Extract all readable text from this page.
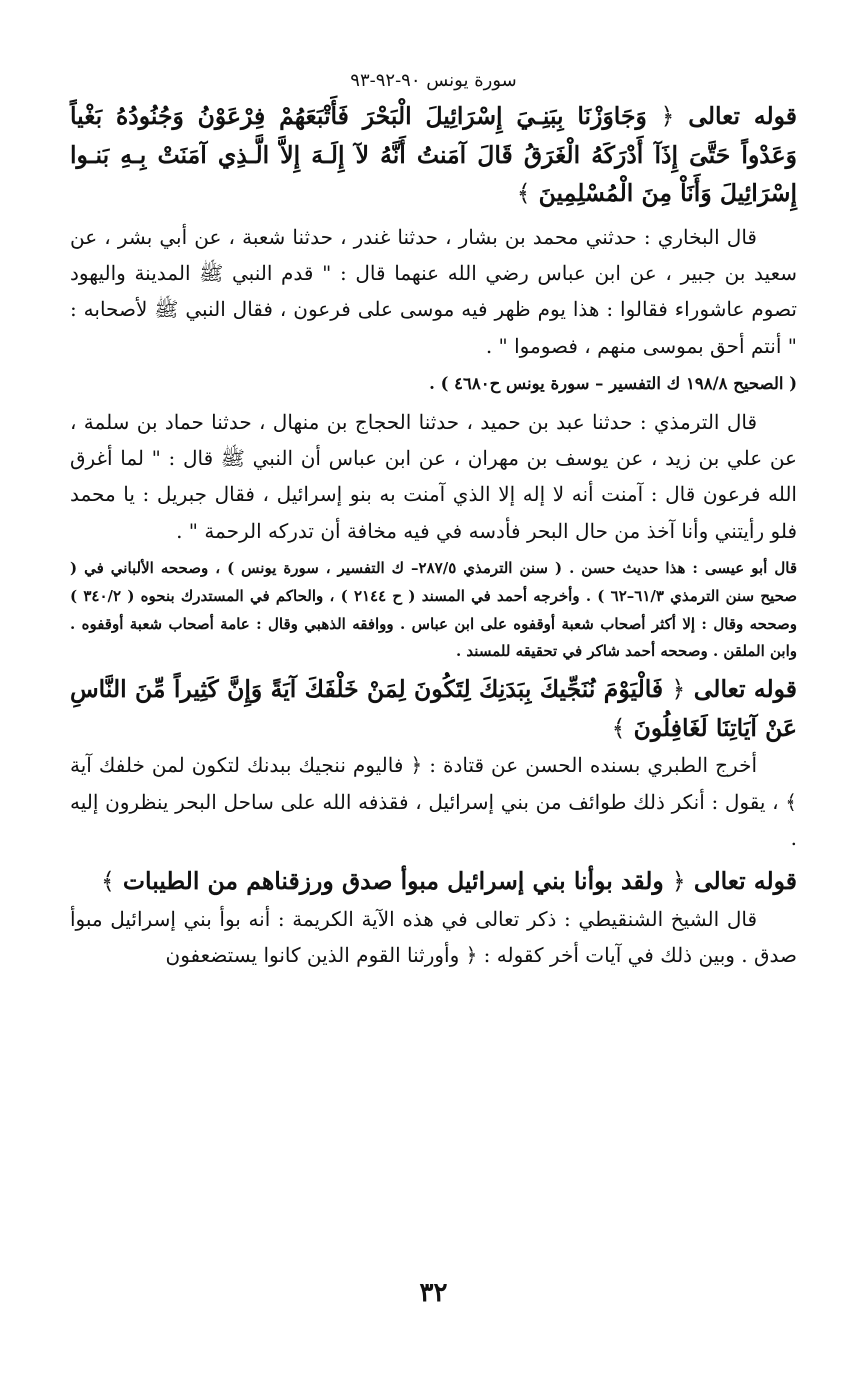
سورة يونس ٩٠-٩٢-٩٣

قوله تعالى ﴿ وَجَاوَزْنَا بِبَنِـيَ إِسْرَائِيلَ الْبَحْرَ فَأَتْبَعَهُمْ فِرْعَوْنُ وَجُنُودُهُ بَغْياً وَعَدْواً حَتَّىَ إِذَآ أَدْرَكَهُ الْغَرَقُ قَالَ آمَنتُ أَنَّهُ لآ إِلَـهَ إِلاَّ الَّـذِي آمَنَتْ بِـهِ بَنـوا إِسْرَائِيلَ وَأَنَاْ مِنَ الْمُسْلِمِينَ ﴾

قال البخاري : حدثني محمد بن بشار ، حدثنا غندر ، حدثنا شعبة ، عن أبي بشر ، عن سعيد بن جبير ، عن ابن عباس رضي الله عنهما قال : " قدم النبي ﷺ المدينة واليهود تصوم عاشوراء فقالوا : هذا يوم ظهر فيه موسى على فرعون ، فقال النبي ﷺ لأصحابه : " أنتم أحق بموسى منهم ، فصوموا " .

( الصحيح ١٩٨/٨ ك التفسير – سورة يونس ح٤٦٨٠ ) .

قال الترمذي : حدثنا عبد بن حميد ، حدثنا الحجاج بن منهال ، حدثنا حماد بن سلمة ، عن علي بن زيد ، عن يوسف بن مهران ، عن ابن عباس أن النبي ﷺ قال : " لما أغرق الله فرعون قال : آمنت أنه لا إله إلا الذي آمنت به بنو إسرائيل ، فقال جبريل : يا محمد فلو رأيتني وأنا آخذ من حال البحر فأدسه في فيه مخافة أن تدركه الرحمة " .

قال أبو عيسى : هذا حديث حسن . ( سنن الترمذي ٢٨٧/٥– ك التفسير ، سورة يونس ) ، وصححه الألباني في ( صحيح سنن الترمذي ٦١/٣–٦٢ ) . وأخرجه أحمد في المسند ( ح ٢١٤٤ ) ، والحاكم في المستدرك بنحوه ( ٣٤٠/٢ ) وصححه وقال : إلا أكثر أصحاب شعبة أوقفوه على ابن عباس . ووافقه الذهبي وقال : عامة أصحاب شعبة أوقفوه . وابن الملقن . وصححه أحمد شاكر في تحقيقه للمسند .

قوله تعالى ﴿ فَالْيَوْمَ نُنَجِّيكَ بِبَدَنِكَ لِتَكُونَ لِمَنْ خَلْفَكَ آيَةً وَإِنَّ كَثِيراً مِّنَ النَّاسِ عَنْ آيَاتِنَا لَغَافِلُونَ ﴾

أخرج الطبري بسنده الحسن عن قتادة : ﴿ فاليوم ننجيك ببدنك لتكون لمن خلفك آية ﴾ ، يقول : أنكر ذلك طوائف من بني إسرائيل ، فقذفه الله على ساحل البحر ينظرون إليه .

قوله تعالى ﴿ ولقد بوأنا بني إسرائيل مبوأ صدق ورزقناهم من الطيبات ﴾

قال الشيخ الشنقيطي : ذكر تعالى في هذه الآية الكريمة : أنه بوأ بني إسرائيل مبوأ صدق . وبين ذلك في آيات أخر كقوله : ﴿ وأورثنا القوم الذين كانوا يستضعفون

٣٢
